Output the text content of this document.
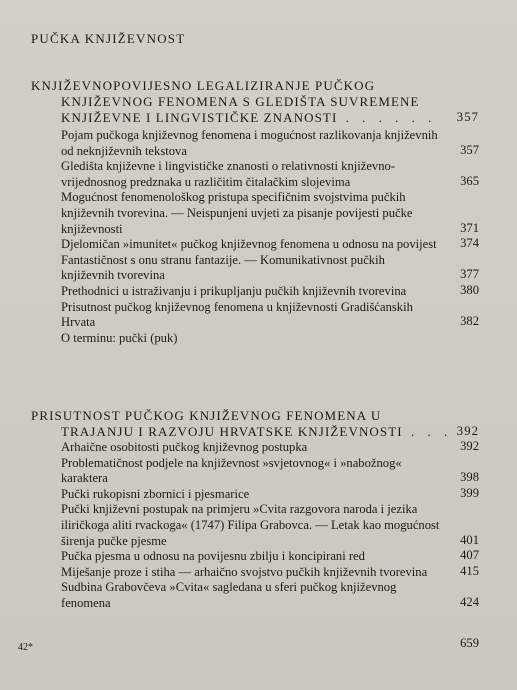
PUČKA KNJIŽEVNOST
KNJIŽEVNOPOVIJESNO LEGALIZIRANJE PUČKOG
KNJIŽEVNOG FENOMENA S GLEDIŠTA SUVREMENE
KNJIŽEVNE I LINGVISTIČKE ZNANOSTI . . . . . .	357
Pojam pučkoga književnog fenomena i mogućnost razlikovanja književnih od neknjiževnih tekstova	357
Gledišta književne i lingvističke znanosti o relativnosti književno-vrijednosnog predznaka u različitim čitalačkim slojevima	365
Mogućnost fenomenološkog pristupa specifičnim svojstvima pučkih književnih tvorevina. — Neispunjeni uvjeti za pisanje povijesti pučke književnosti	371
Djelomičan »imunitet« pučkog književnog fenomena u odnosu na povijest	374
Fantastičnost s onu stranu fantazije. — Komunikativnost pučkih književnih tvorevina	377
Prethodnici u istraživanju i prikupljanju pučkih književnih tvorevina	380
Prisutnost pučkog književnog fenomena u književnosti Gradišćanskih Hrvata	382
O terminu: pučki (puk)
PRISUTNOST PUČKOG KNJIŽEVNOG FENOMENA U
TRAJANJU I RAZVOJU HRVATSKE KNJIŽEVNOSTI . . . 392
Arhaične osobitosti pučkog književnog postupka	392
Problematičnost podjele na književnost »svjetovnog« i »nabožnog« karaktera	398
Pučki rukopisni zbornici i pjesmarice	399
Pučki književni postupak na primjeru »Cvita razgovora naroda i jezika iliričkoga aliti rvackoga« (1747) Filipa Grabovca. — Letak kao mogućnost širenja pučke pjesme	401
Pučka pjesma u odnosu na povijesnu zbilju i koncipirani red	407
Miješanje proze i stiha — arhaično svojstvo pučkih književnih tvorevina	415
Sudbina Grabovčeva »Cvita« sagledana u sferi pučkog književnog fenomena	424
42*	659
